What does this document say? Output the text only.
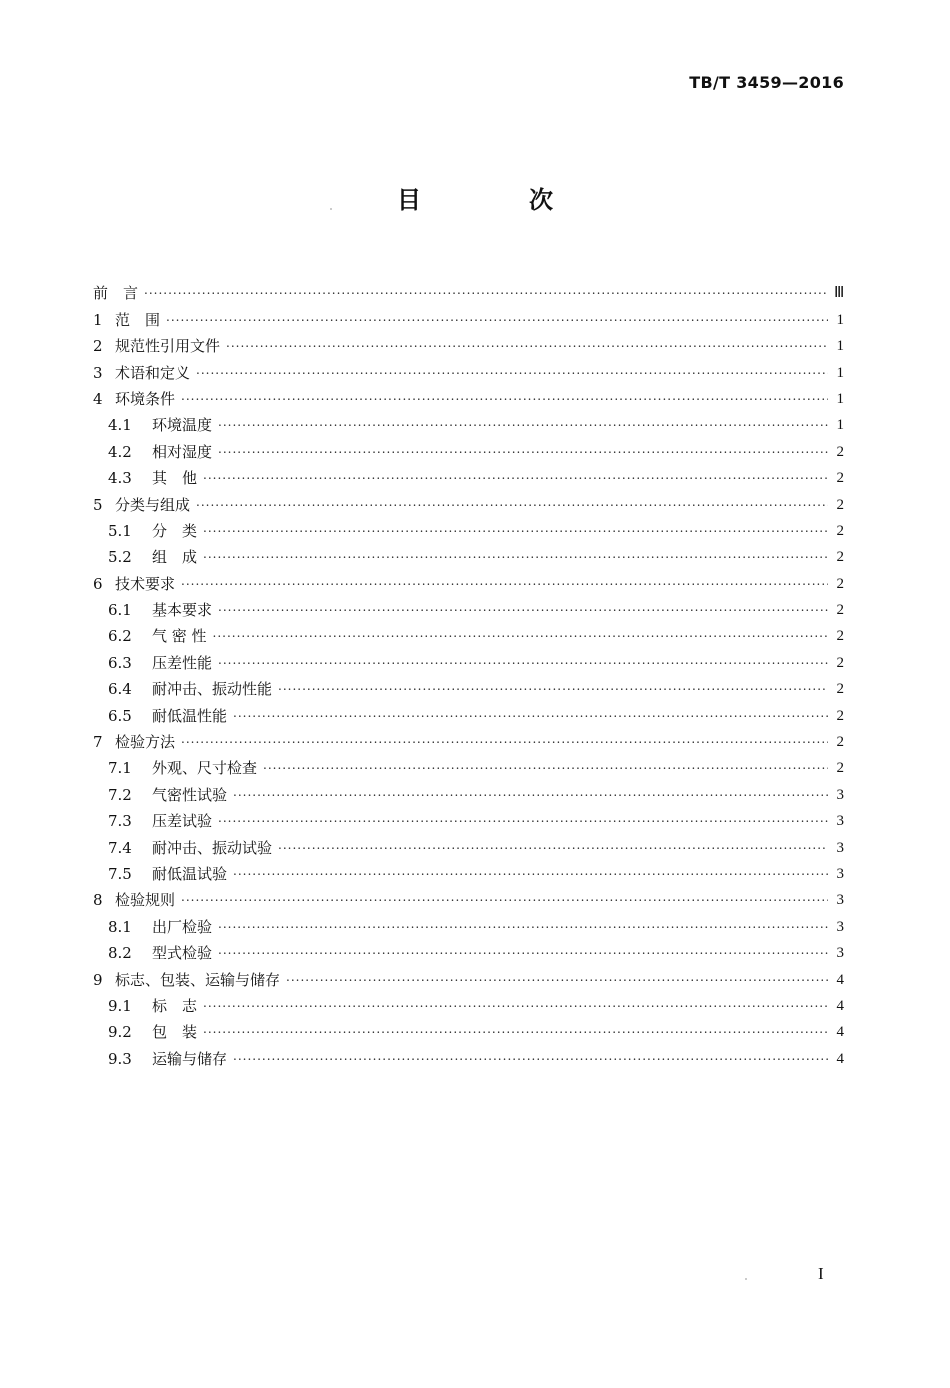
TB/T 3459—2016
目　次
前　言 .....	Ⅲ
1 范　围 .....	1
2 规范性引用文件 .....	1
3 术语和定义 .....	1
4 环境条件 .....	1
4.1	环境温度 .....	1
4.2	相对湿度 .....	2
4.3	其　他 .....	2
5 分类与组成 .....	2
5.1	分　类 .....	2
5.2	组　成 .....	2
6 技术要求 .....	2
6.1	基本要求 .....	2
6.2	气 密 性 .....	2
6.3	压差性能 .....	2
6.4	耐冲击、振动性能 .....	2
6.5	耐低温性能 .....	2
7 检验方法 .....	2
7.1	外观、尺寸检查 .....	2
7.2	气密性试验 .....	3
7.3	压差试验 .....	3
7.4	耐冲击、振动试验 .....	3
7.5	耐低温试验 .....	3
8 检验规则 .....	3
8.1	出厂检验 .....	3
8.2	型式检验 .....	3
9 标志、包装、运输与储存 .....	4
9.1	标　志 .....	4
9.2	包　装 .....	4
9.3	运输与储存 .....	4
I
